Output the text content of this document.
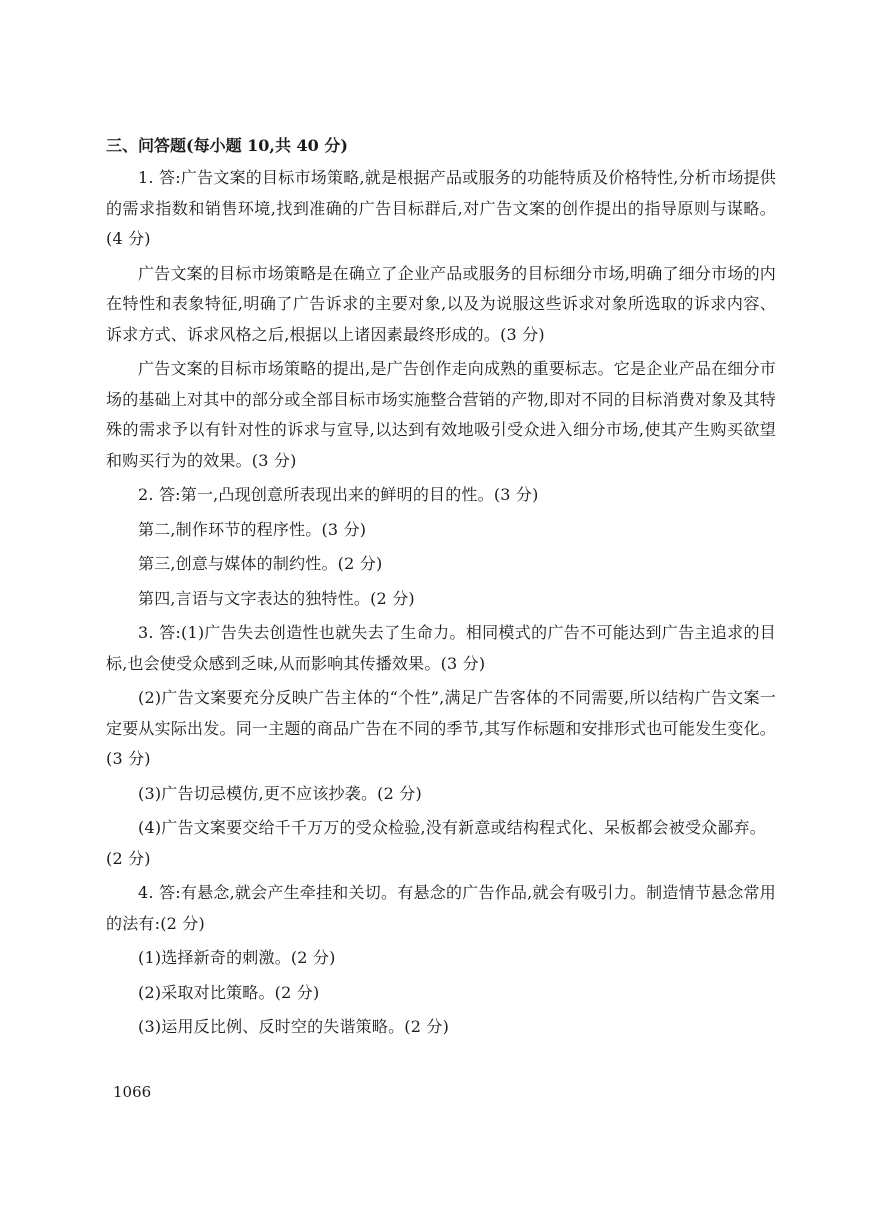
三、问答题(每小题 10,共 40 分)

1. 答:广告文案的目标市场策略,就是根据产品或服务的功能特质及价格特性,分析市场提供的需求指数和销售环境,找到准确的广告目标群后,对广告文案的创作提出的指导原则与谋略。(4 分)

广告文案的目标市场策略是在确立了企业产品或服务的目标细分市场,明确了细分市场的内在特性和表象特征,明确了广告诉求的主要对象,以及为说服这些诉求对象所选取的诉求内容、诉求方式、诉求风格之后,根据以上诸因素最终形成的。(3 分)

广告文案的目标市场策略的提出,是广告创作走向成熟的重要标志。它是企业产品在细分市场的基础上对其中的部分或全部目标市场实施整合营销的产物,即对不同的目标消费对象及其特殊的需求予以有针对性的诉求与宣导,以达到有效地吸引受众进入细分市场,使其产生购买欲望和购买行为的效果。(3 分)

2. 答:第一,凸现创意所表现出来的鲜明的目的性。(3 分)

第二,制作环节的程序性。(3 分)

第三,创意与媒体的制约性。(2 分)

第四,言语与文字表达的独特性。(2 分)

3. 答:(1)广告失去创造性也就失去了生命力。相同模式的广告不可能达到广告主追求的目标,也会使受众感到乏味,从而影响其传播效果。(3 分)

(2)广告文案要充分反映广告主体的“个性”,满足广告客体的不同需要,所以结构广告文案一定要从实际出发。同一主题的商品广告在不同的季节,其写作标题和安排形式也可能发生变化。(3 分)

(3)广告切忌模仿,更不应该抄袭。(2 分)

(4)广告文案要交给千千万万的受众检验,没有新意或结构程式化、呆板都会被受众鄙弃。

(2 分)

4. 答:有悬念,就会产生牵挂和关切。有悬念的广告作品,就会有吸引力。制造情节悬念常用的法有:(2 分)

(1)选择新奇的刺激。(2 分)

(2)采取对比策略。(2 分)

(3)运用反比例、反时空的失谐策略。(2 分)

1066
